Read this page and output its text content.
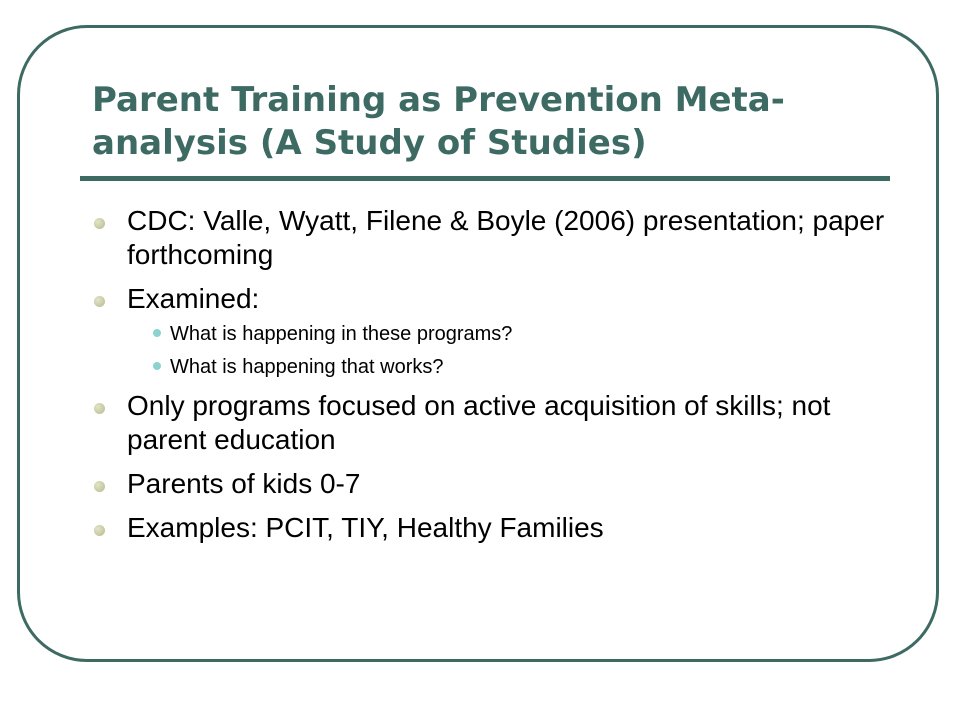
Parent Training as Prevention Meta-analysis (A Study of Studies)
CDC: Valle, Wyatt, Filene & Boyle (2006) presentation; paper forthcoming
Examined:
What is happening in these programs?
What is happening that works?
Only programs focused on active acquisition of skills; not parent education
Parents of kids 0-7
Examples: PCIT, TIY, Healthy Families
